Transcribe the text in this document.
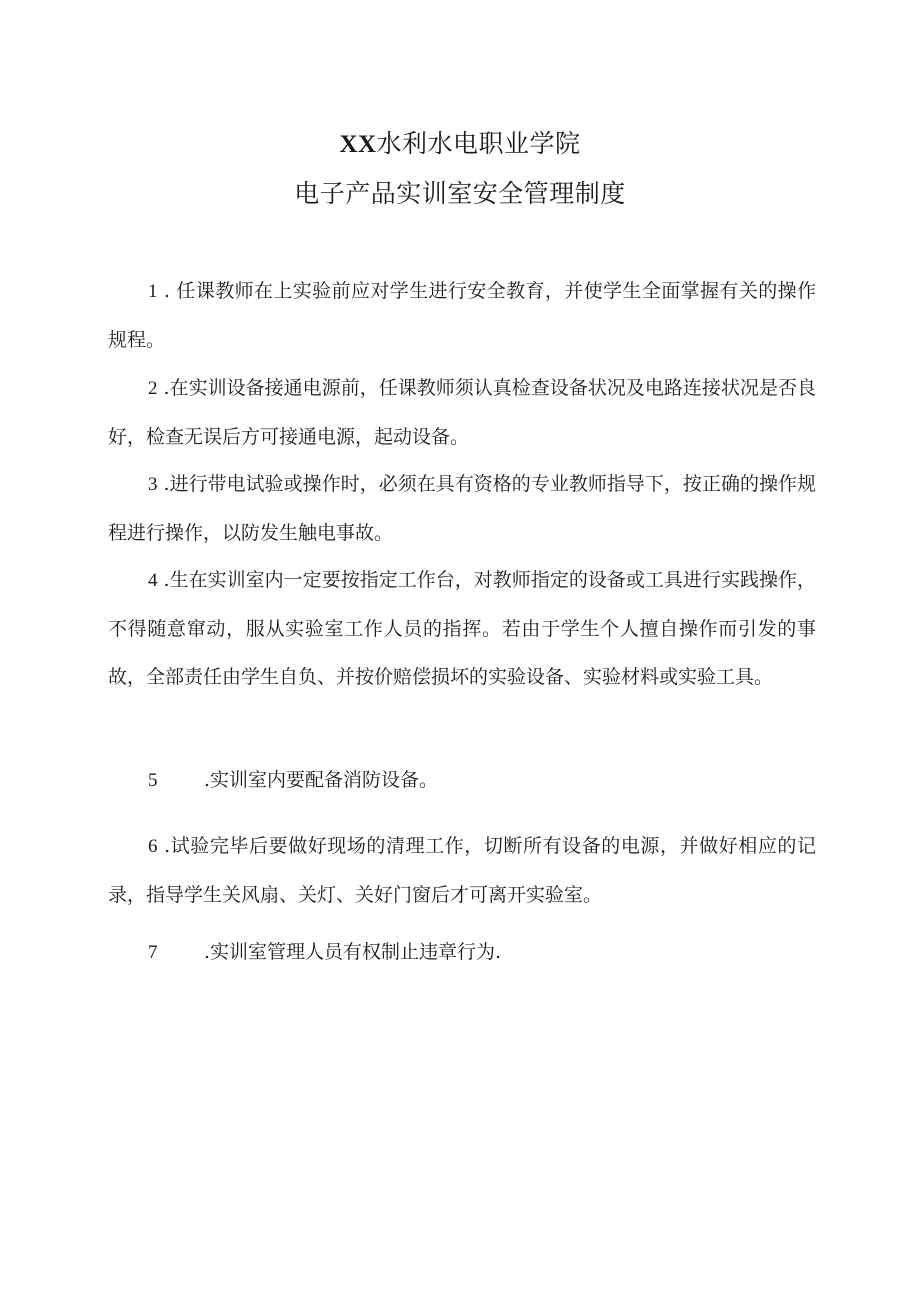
XX水利水电职业学院
电子产品实训室安全管理制度

1 . 任课教师在上实验前应对学生进行安全教育，并使学生全面掌握有关的操作规程。

2 .在实训设备接通电源前，任课教师须认真检查设备状况及电路连接状况是否良好，检查无误后方可接通电源，起动设备。

3 .进行带电试验或操作时，必须在具有资格的专业教师指导下，按正确的操作规程进行操作，以防发生触电事故。

4 .生在实训室内一定要按指定工作台，对教师指定的设备或工具进行实践操作，不得随意窜动，服从实验室工作人员的指挥。若由于学生个人擅自操作而引发的事故，全部责任由学生自负、并按价赔偿损坏的实验设备、实验材料或实验工具。

5 .实训室内要配备消防设备。

6 .试验完毕后要做好现场的清理工作，切断所有设备的电源，并做好相应的记录，指导学生关风扇、关灯、关好门窗后才可离开实验室。

7 .实训室管理人员有权制止违章行为.
